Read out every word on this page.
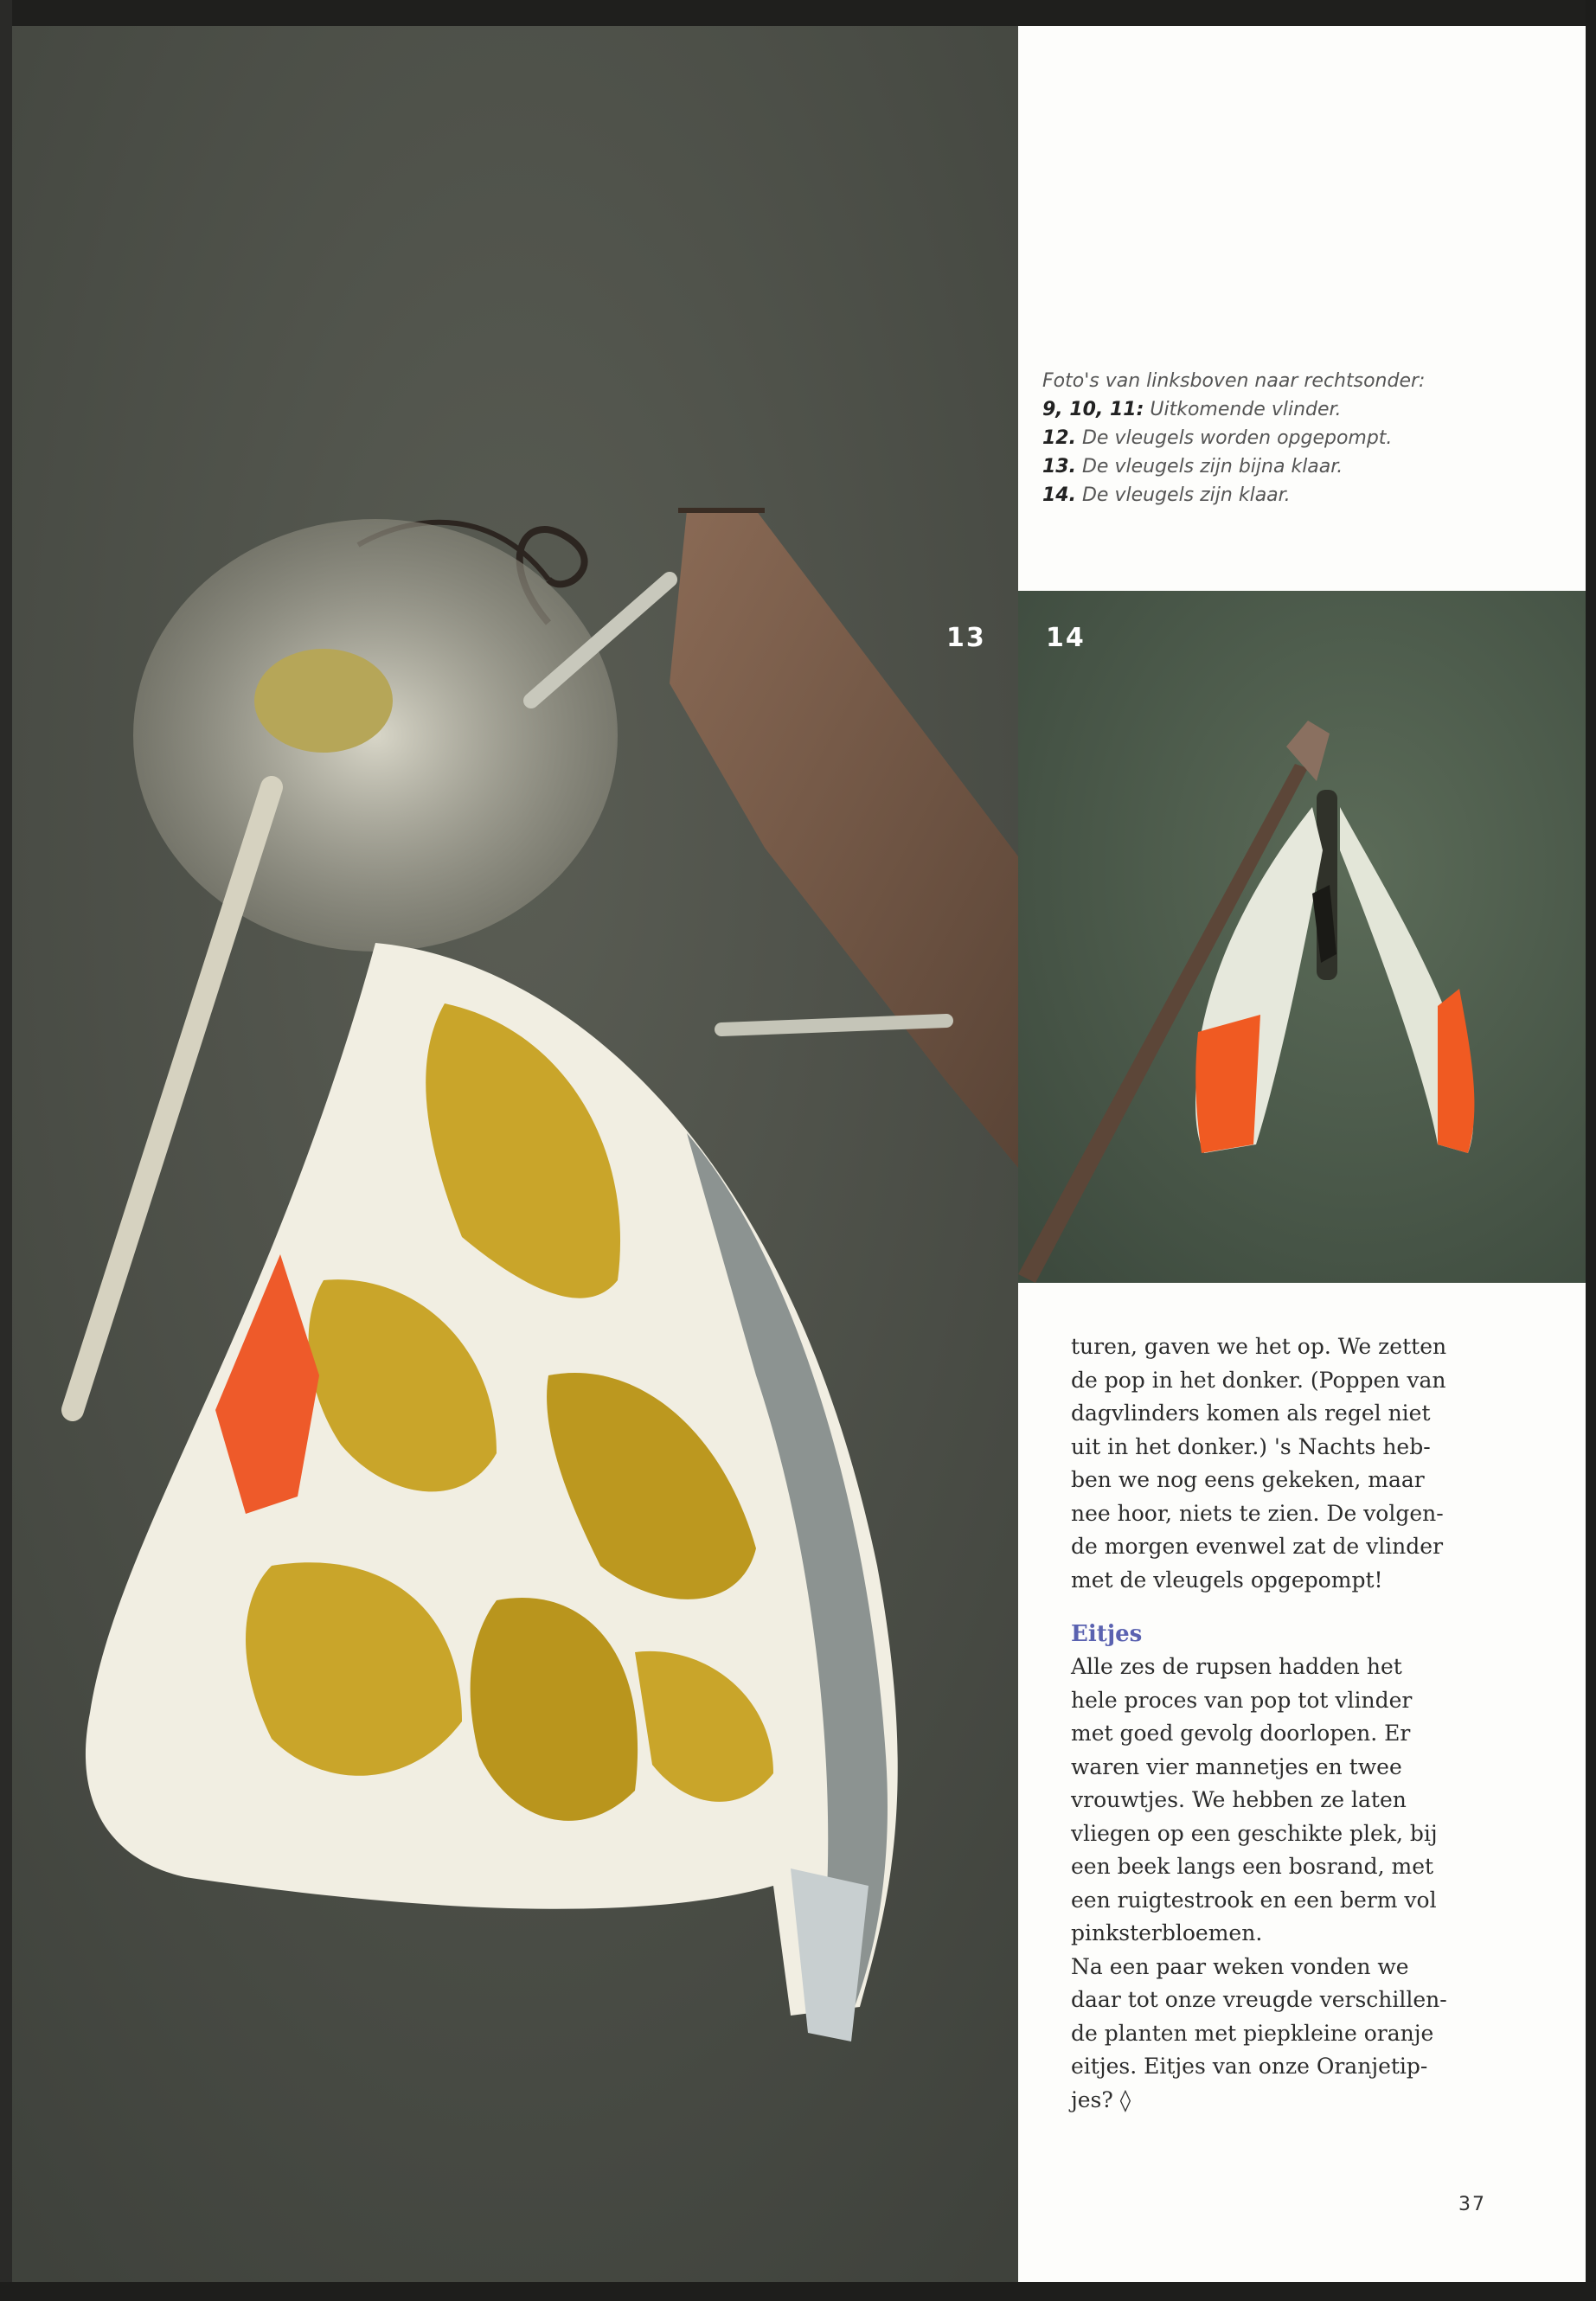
13 14
Foto's van linksboven naar rechtsonder:
9, 10, 11: Uitkomende vlinder.
12. De vleugels worden opgepompt.
13. De vleugels zijn bijna klaar.
14. De vleugels zijn klaar.

turen, gaven we het op. We zetten
de pop in het donker. (Poppen van
dagvlinders komen als regel niet
uit in het donker.) 's Nachts heb-
ben we nog eens gekeken, maar
nee hoor, niets te zien. De volgen-
de morgen evenwel zat de vlinder
met de vleugels opgepompt!

Eitjes

Alle zes de rupsen hadden het
hele proces van pop tot vlinder
met goed gevolg doorlopen. Er
waren vier mannetjes en twee
vrouwtjes. We hebben ze laten
vliegen op een geschikte plek, bij
een beek langs een bosrand, met
een ruigtestrook en een berm vol
pinksterbloemen.
Na een paar weken vonden we
daar tot onze vreugde verschillen-
de planten met piepkleine oranje
eitjes. Eitjes van onze Oranjetip-
jes? ◊

37
